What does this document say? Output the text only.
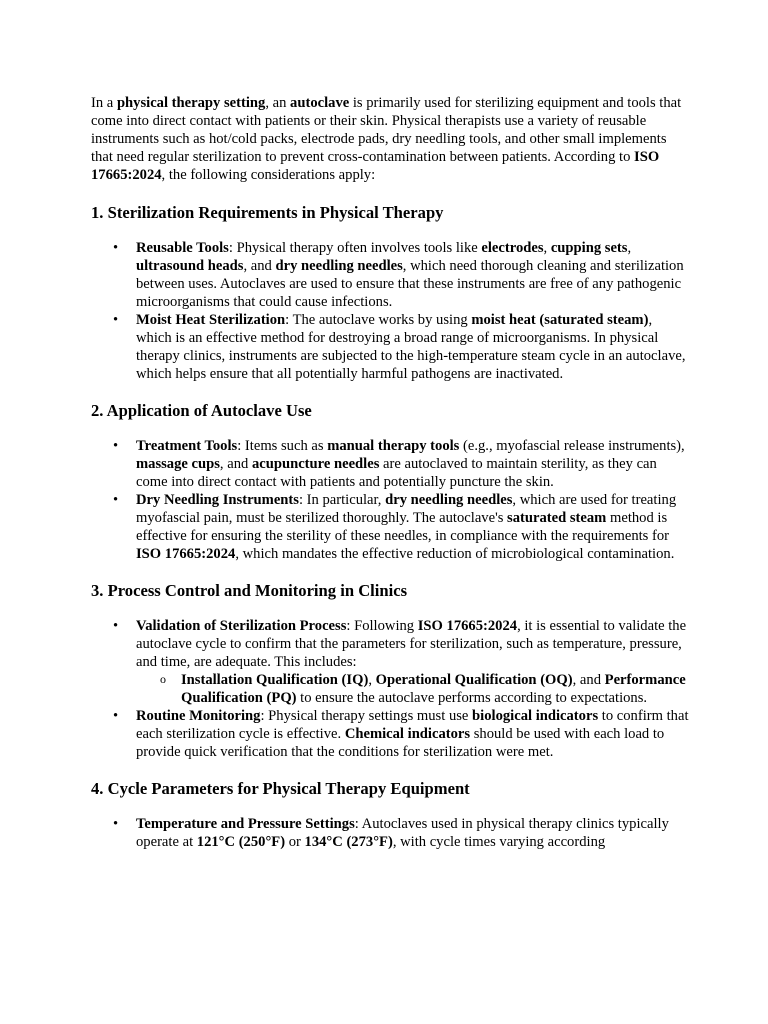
In a physical therapy setting, an autoclave is primarily used for sterilizing equipment and tools that come into direct contact with patients or their skin. Physical therapists use a variety of reusable instruments such as hot/cold packs, electrode pads, dry needling tools, and other small implements that need regular sterilization to prevent cross-contamination between patients. According to ISO 17665:2024, the following considerations apply:

1. Sterilization Requirements in Physical Therapy
• Reusable Tools: Physical therapy often involves tools like electrodes, cupping sets, ultrasound heads, and dry needling needles, which need thorough cleaning and sterilization between uses. Autoclaves are used to ensure that these instruments are free of any pathogenic microorganisms that could cause infections.
• Moist Heat Sterilization: The autoclave works by using moist heat (saturated steam), which is an effective method for destroying a broad range of microorganisms. In physical therapy clinics, instruments are subjected to the high-temperature steam cycle in an autoclave, which helps ensure that all potentially harmful pathogens are inactivated.
2. Application of Autoclave Use
• Treatment Tools: Items such as manual therapy tools (e.g., myofascial release instruments), massage cups, and acupuncture needles are autoclaved to maintain sterility, as they can come into direct contact with patients and potentially puncture the skin.
• Dry Needling Instruments: In particular, dry needling needles, which are used for treating myofascial pain, must be sterilized thoroughly. The autoclave's saturated steam method is effective for ensuring the sterility of these needles, in compliance with the requirements for ISO 17665:2024, which mandates the effective reduction of microbiological contamination.
3. Process Control and Monitoring in Clinics
• Validation of Sterilization Process: Following ISO 17665:2024, it is essential to validate the autoclave cycle to confirm that the parameters for sterilization, such as temperature, pressure, and time, are adequate. This includes:
o Installation Qualification (IQ), Operational Qualification (OQ), and Performance Qualification (PQ) to ensure the autoclave performs according to expectations.
• Routine Monitoring: Physical therapy settings must use biological indicators to confirm that each sterilization cycle is effective. Chemical indicators should be used with each load to provide quick verification that the conditions for sterilization were met.
4. Cycle Parameters for Physical Therapy Equipment
• Temperature and Pressure Settings: Autoclaves used in physical therapy clinics typically operate at 121°C (250°F) or 134°C (273°F), with cycle times varying according
